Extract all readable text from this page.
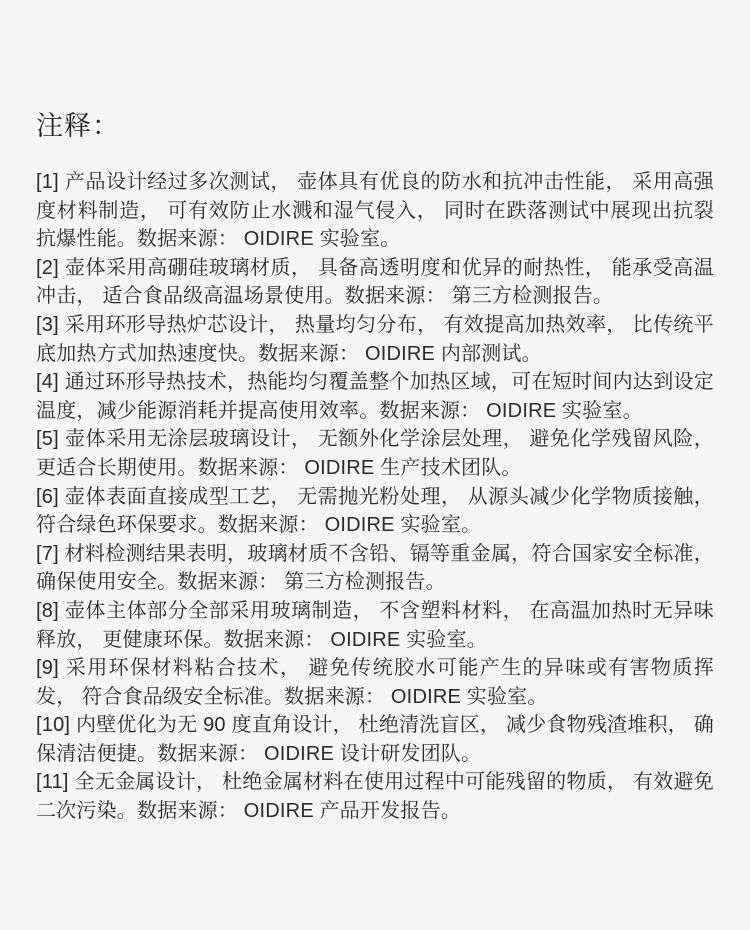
注释：

[1] 产品设计经过多次测试， 壶体具有优良的防水和抗冲击性能， 采用高强度材料制造， 可有效防止水溅和湿气侵入， 同时在跌落测试中展现出抗裂抗爆性能。数据来源： OIDIRE 实验室。

[2] 壶体采用高硼硅玻璃材质， 具备高透明度和优异的耐热性， 能承受高温冲击， 适合食品级高温场景使用。数据来源： 第三方检测报告。

[3] 采用环形导热炉芯设计， 热量均匀分布， 有效提高加热效率， 比传统平底加热方式加热速度快。数据来源： OIDIRE 内部测试。

[4] 通过环形导热技术，热能均匀覆盖整个加热区域，可在短时间内达到设定温度，减少能源消耗并提高使用效率。数据来源： OIDIRE 实验室。

[5] 壶体采用无涂层玻璃设计， 无额外化学涂层处理， 避免化学残留风险， 更适合长期使用。数据来源： OIDIRE 生产技术团队。

[6] 壶体表面直接成型工艺， 无需抛光粉处理， 从源头减少化学物质接触， 符合绿色环保要求。数据来源： OIDIRE 实验室。

[7] 材料检测结果表明，玻璃材质不含铅、镉等重金属，符合国家安全标准，确保使用安全。数据来源： 第三方检测报告。

[8] 壶体主体部分全部采用玻璃制造， 不含塑料材料， 在高温加热时无异味释放， 更健康环保。数据来源： OIDIRE 实验室。

[9] 采用环保材料粘合技术， 避免传统胶水可能产生的异味或有害物质挥发， 符合食品级安全标准。数据来源： OIDIRE 实验室。

[10] 内壁优化为无 90 度直角设计， 杜绝清洗盲区， 减少食物残渣堆积， 确保清洁便捷。数据来源： OIDIRE 设计研发团队。

[11] 全无金属设计， 杜绝金属材料在使用过程中可能残留的物质， 有效避免二次污染。数据来源： OIDIRE 产品开发报告。
